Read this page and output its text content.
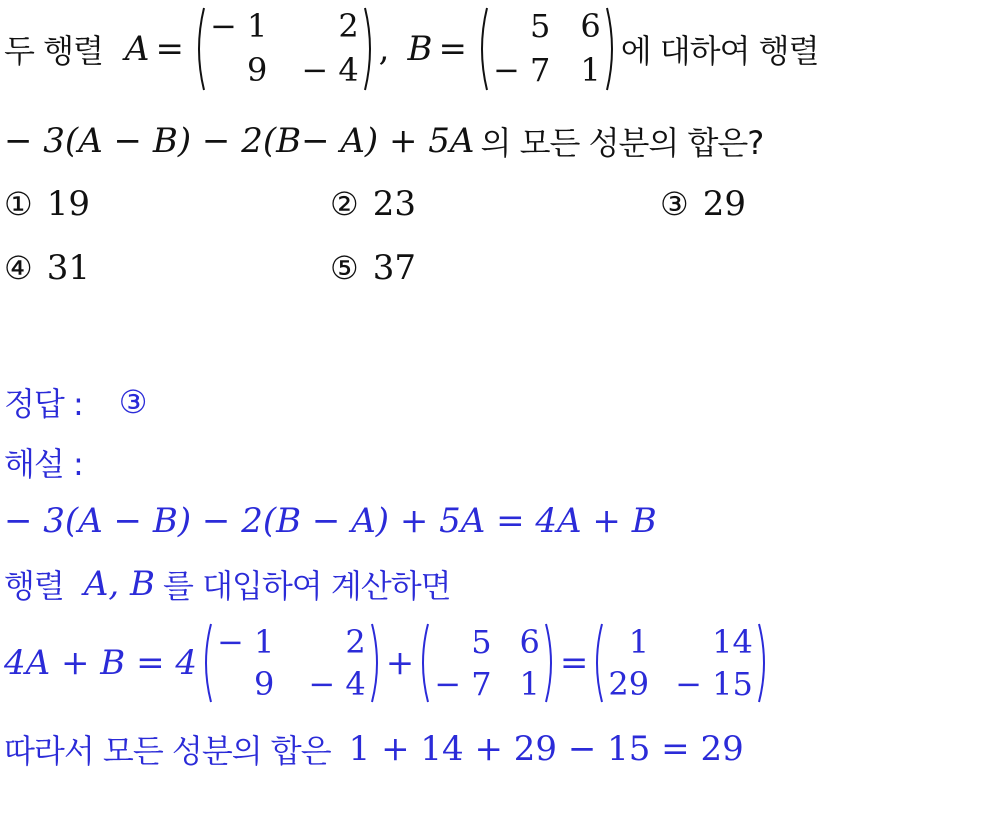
두 행렬 A =
− 1	2
9 − 4
, B =
5 6
− 7 1 에 대하여 행렬
− 3(A − B) − 2(B− A) + 5A 의 모든 성분의 합은?
① 19	② 23	③ 29
④ 31	⑤ 37
정답 : ③
해설 :
− 3(A − B) − 2(B − A) + 5A = 4A + B
행렬 A, B 를 대입하여 계산하면
4A + B = 4
− 1	2
9 − 4
+
5 6
− 7 1
=
1	14
29 − 15
따라서 모든 성분의 합은 1 + 14 + 29 − 15 = 29
